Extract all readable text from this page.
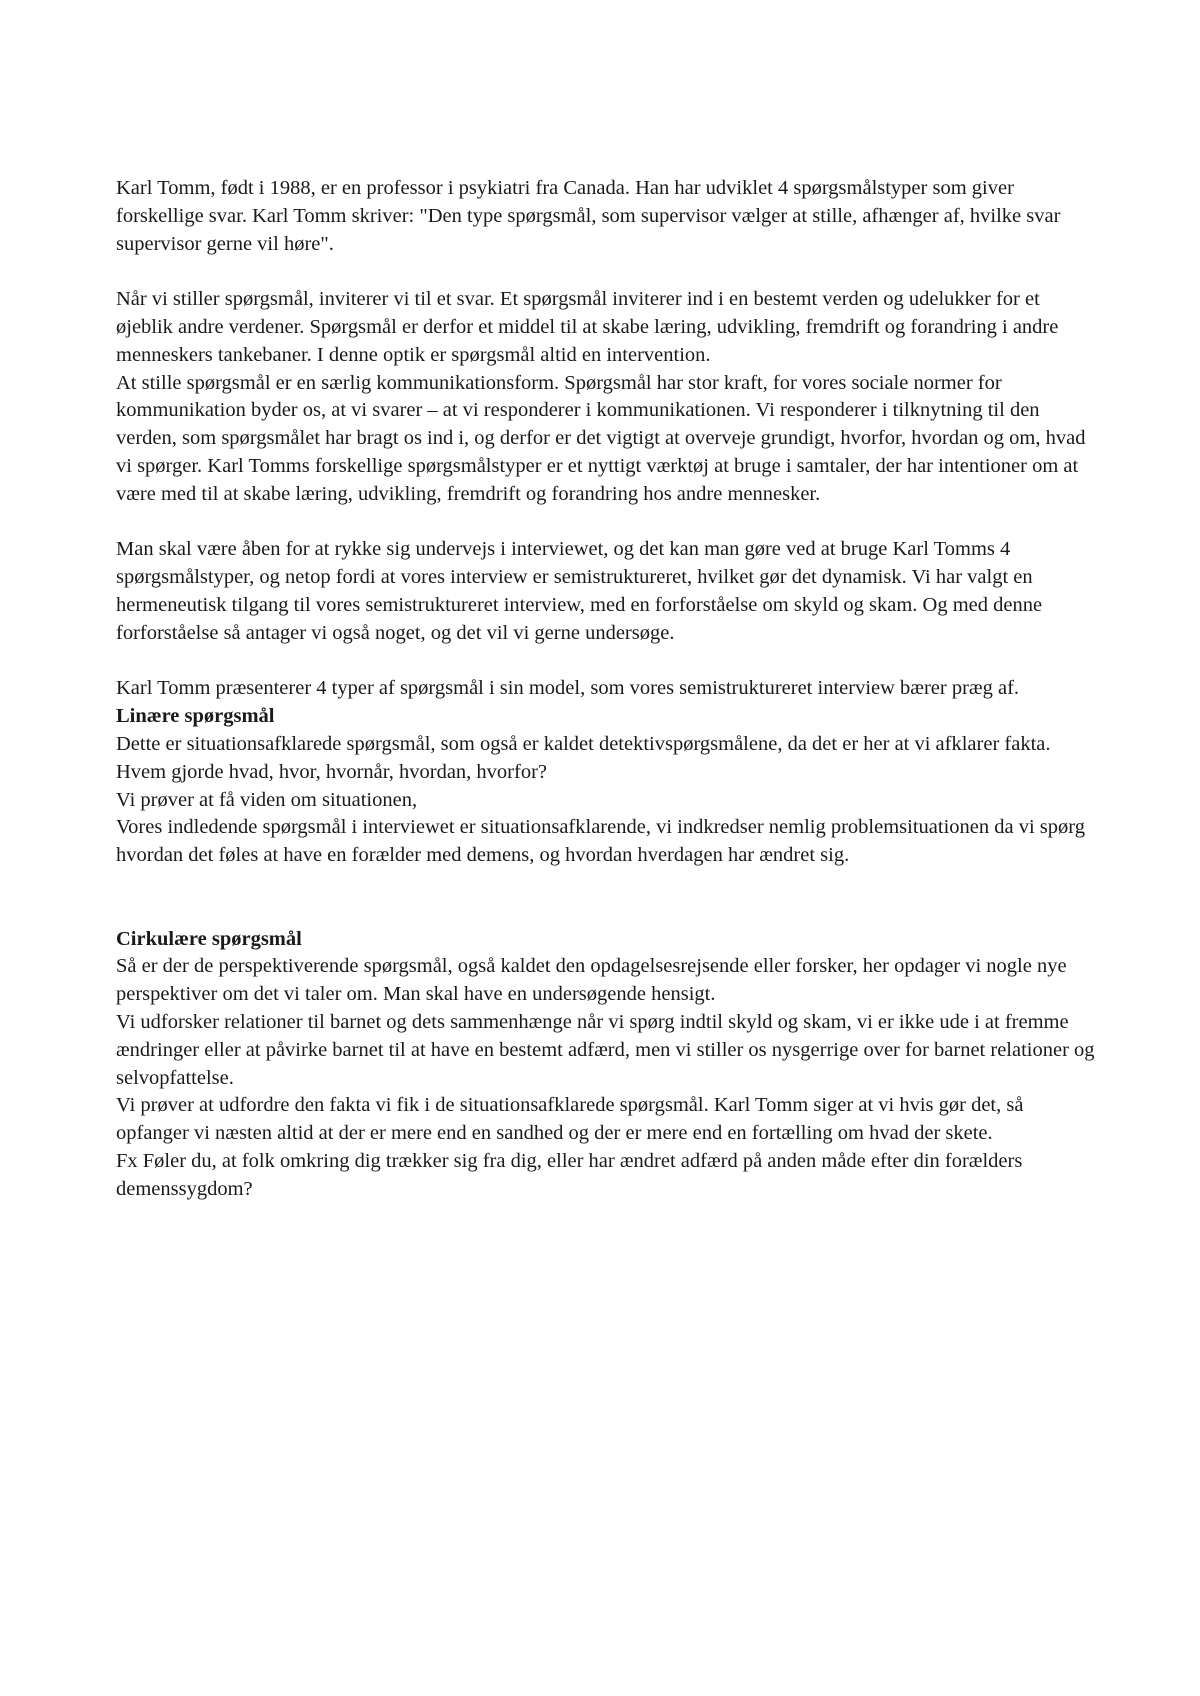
Karl Tomm, født i 1988, er en professor i psykiatri fra Canada. Han har udviklet 4 spørgsmålstyper som giver forskellige svar. Karl Tomm skriver: "Den type spørgsmål, som supervisor vælger at stille, afhænger af, hvilke svar supervisor gerne vil høre".

Når vi stiller spørgsmål, inviterer vi til et svar. Et spørgsmål inviterer ind i en bestemt verden og udelukker for et øjeblik andre verdener. Spørgsmål er derfor et middel til at skabe læring, udvikling, fremdrift og forandring i andre menneskers tankebaner. I denne optik er spørgsmål altid en intervention.

At stille spørgsmål er en særlig kommunikationsform. Spørgsmål har stor kraft, for vores sociale normer for kommunikation byder os, at vi svarer – at vi responderer i kommunikationen. Vi responderer i tilknytning til den verden, som spørgsmålet har bragt os ind i, og derfor er det vigtigt at overveje grundigt, hvorfor, hvordan og om, hvad vi spørger. Karl Tomms forskellige spørgsmålstyper er et nyttigt værktøj at bruge i samtaler, der har intentioner om at være med til at skabe læring, udvikling, fremdrift og forandring hos andre mennesker.

Man skal være åben for at rykke sig undervejs i interviewet, og det kan man gøre ved at bruge Karl Tomms 4 spørgsmålstyper, og netop fordi at vores interview er semistruktureret, hvilket gør det dynamisk. Vi har valgt en hermeneutisk tilgang til vores semistruktureret interview, med en forforståelse om skyld og skam. Og med denne forforståelse så antager vi også noget, og det vil vi gerne undersøge.

Karl Tomm præsenterer 4 typer af spørgsmål i sin model, som vores semistruktureret interview bærer præg af.

Linære spørgsmål

Dette er situationsafklarede spørgsmål, som også er kaldet detektivspørgsmålene, da det er her at vi afklarer fakta. Hvem gjorde hvad, hvor, hvornår, hvordan, hvorfor?

Vi prøver at få viden om situationen,

Vores indledende spørgsmål i interviewet er situationsafklarende, vi indkredser nemlig problemsituationen da vi spørg hvordan det føles at have en forælder med demens, og hvordan hverdagen har ændret sig.

Cirkulære spørgsmål

Så er der de perspektiverende spørgsmål, også kaldet den opdagelsesrejsende eller forsker, her opdager vi nogle nye perspektiver om det vi taler om. Man skal have en undersøgende hensigt.

Vi udforsker relationer til barnet og dets sammenhænge når vi spørg indtil skyld og skam, vi er ikke ude i at fremme ændringer eller at påvirke barnet til at have en bestemt adfærd, men vi stiller os nysgerrige over for barnet relationer og selvopfattelse.

Vi prøver at udfordre den fakta vi fik i de situationsafklarede spørgsmål. Karl Tomm siger at vi hvis gør det, så opfanger vi næsten altid at der er mere end en sandhed og der er mere end en fortælling om hvad der skete.

Fx Føler du, at folk omkring dig trækker sig fra dig, eller har ændret adfærd på anden måde efter din forælders demenssygdom?
